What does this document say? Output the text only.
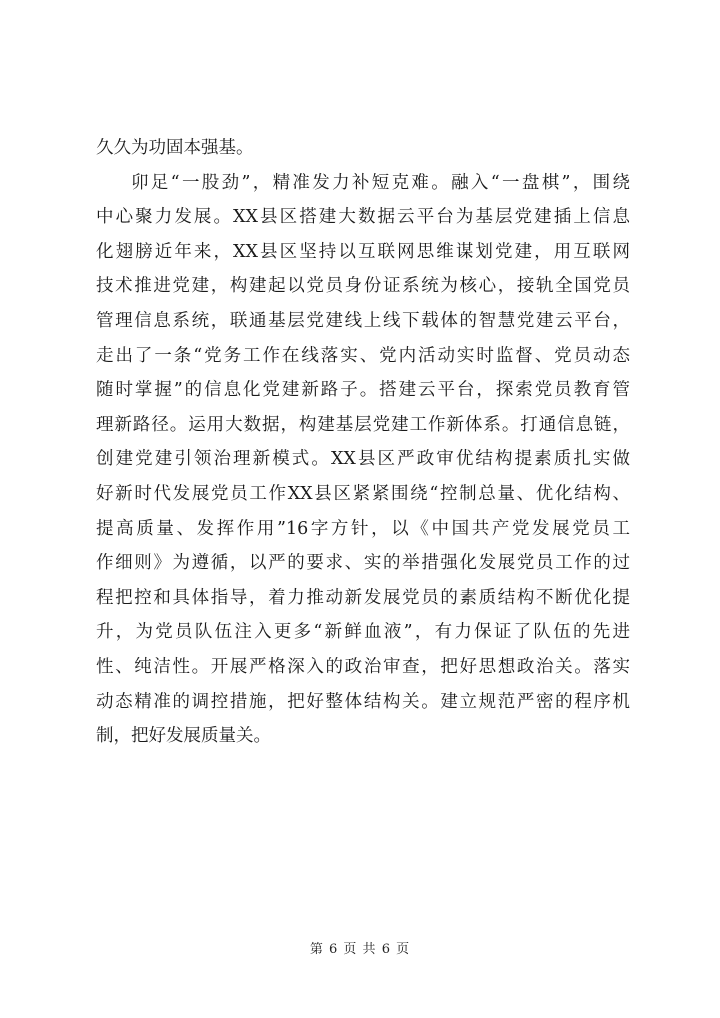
久久为功固本强基。
卯足“一股劲”，精准发力补短克难。融入“一盘棋”，围绕
中心聚力发展。XX县区搭建大数据云平台为基层党建插上信息
化翅膀近年来，XX县区坚持以互联网思维谋划党建，用互联网
技术推进党建，构建起以党员身份证系统为核心，接轨全国党员
管理信息系统，联通基层党建线上线下载体的智慧党建云平台，
走出了一条“党务工作在线落实、党内活动实时监督、党员动态
随时掌握”的信息化党建新路子。搭建云平台，探索党员教育管
理新路径。运用大数据，构建基层党建工作新体系。打通信息链，
创建党建引领治理新模式。XX县区严政审优结构提素质扎实做
好新时代发展党员工作XX县区紧紧围绕“控制总量、优化结构、
提高质量、发挥作用”16字方针，以《中国共产党发展党员工
作细则》为遵循，以严的要求、实的举措强化发展党员工作的过
程把控和具体指导，着力推动新发展党员的素质结构不断优化提
升，为党员队伍注入更多“新鲜血液”，有力保证了队伍的先进
性、纯洁性。开展严格深入的政治审查，把好思想政治关。落实
动态精准的调控措施，把好整体结构关。建立规范严密的程序机
制，把好发展质量关。
第 6 页 共 6 页
